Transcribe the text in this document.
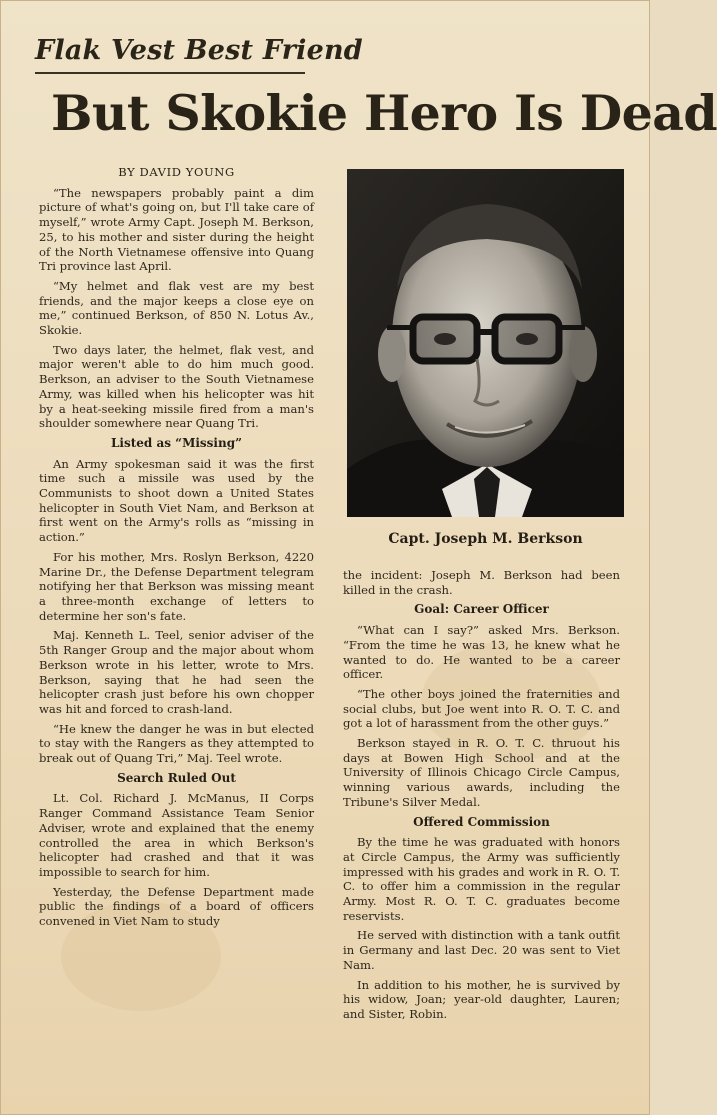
Flak Vest Best Friend
But Skokie Hero Is Dead
BY DAVID YOUNG

“The newspapers probably paint a dim picture of what's going on, but I'll take care of myself,” wrote Army Capt. Joseph M. Berkson, 25, to his mother and sister during the height of the North Vietnamese offensive into Quang Tri province last April.

“My helmet and flak vest are my best friends, and the major keeps a close eye on me,” continued Berkson, of 850 N. Lotus Av., Skokie.

Two days later, the helmet, flak vest, and major weren't able to do him much good. Berkson, an adviser to the South Vietnamese Army, was killed when his helicopter was hit by a heat-seeking missile fired from a man's shoulder somewhere near Quang Tri.

Listed as “Missing”

An Army spokesman said it was the first time such a missile was used by the Communists to shoot down a United States helicopter in South Viet Nam, and Berkson at first went on the Army's rolls as “missing in action.”

For his mother, Mrs. Roslyn Berkson, 4220 Marine Dr., the Defense Department telegram notifying her that Berkson was missing meant a three-month exchange of letters to determine her son's fate.

Maj. Kenneth L. Teel, senior adviser of the 5th Ranger Group and the major about whom Berkson wrote in his letter, wrote to Mrs. Berkson, saying that he had seen the helicopter crash just before his own chopper was hit and forced to crash-land.

“He knew the danger he was in but elected to stay with the Rangers as they attempted to break out of Quang Tri,” Maj. Teel wrote.

Search Ruled Out

Lt. Col. Richard J. McManus, II Corps Ranger Command Assistance Team Senior Adviser, wrote and explained that the enemy controlled the area in which Berkson's helicopter had crashed and that it was impossible to search for him.

Yesterday, the Defense Department made public the findings of a board of officers convened in Viet Nam to study

Capt. Joseph M. Berkson

the incident: Joseph M. Berkson had been killed in the crash.

Goal: Career Officer

“What can I say?” asked Mrs. Berkson. “From the time he was 13, he knew what he wanted to do. He wanted to be a career officer.

“The other boys joined the fraternities and social clubs, but Joe went into R. O. T. C. and got a lot of harassment from the other guys.”

Berkson stayed in R. O. T. C. thruout his days at Bowen High School and at the University of Illinois Chicago Circle Campus, winning various awards, including the Tribune's Silver Medal.

Offered Commission

By the time he was graduated with honors at Circle Campus, the Army was sufficiently impressed with his grades and work in R. O. T. C. to offer him a commission in the regular Army. Most R. O. T. C. graduates become reservists.

He served with distinction with a tank outfit in Germany and last Dec. 20 was sent to Viet Nam.

In addition to his mother, he is survived by his widow, Joan; year-old daughter, Lauren; and Sister, Robin.
